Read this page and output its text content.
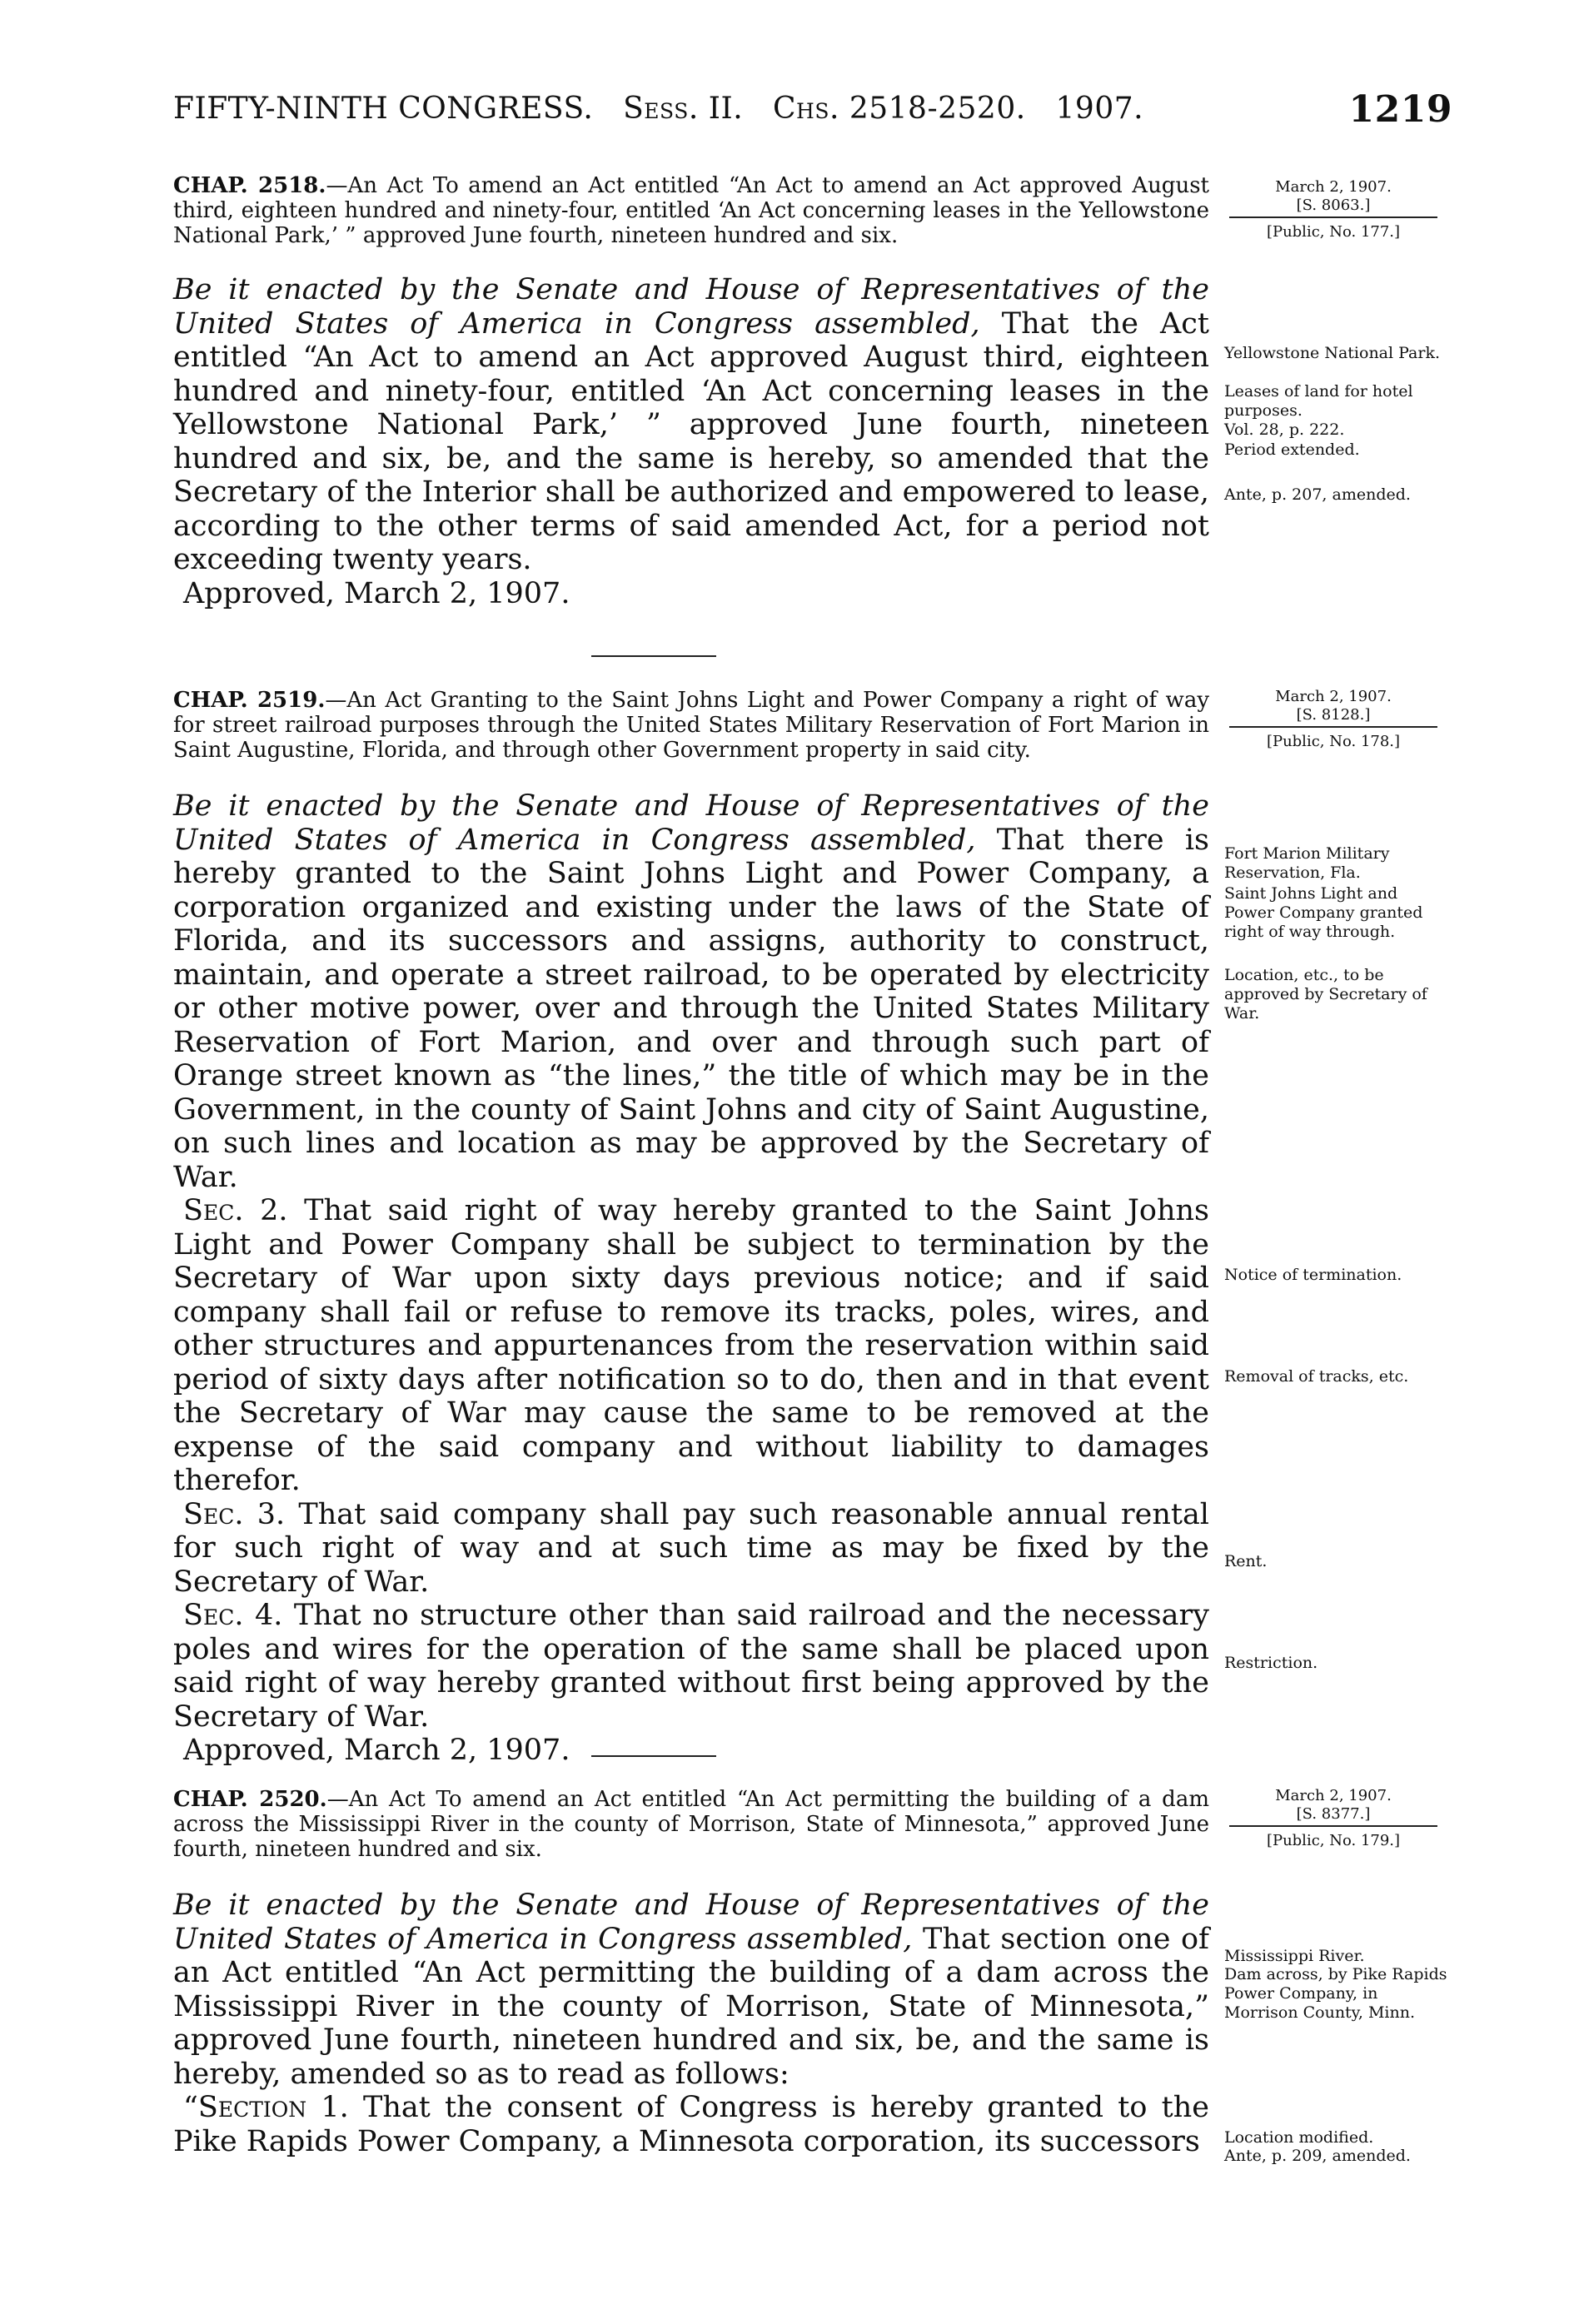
FIFTY-NINTH CONGRESS. Sess. II. Chs. 2518-2520. 1907.	1219

CHAP. 2518.—An Act To amend an Act entitled “An Act to amend an Act approved August third, eighteen hundred and ninety-four, entitled ‘An Act concerning leases in the Yellowstone National Park,’ ” approved June fourth, nineteen hundred and six.

Be it enacted by the Senate and House of Representatives of the United States of America in Congress assembled, That the Act entitled “An Act to amend an Act approved August third, eighteen hundred and ninety-four, entitled ‘An Act concerning leases in the Yellowstone National Park,’ ” approved June fourth, nineteen hundred and six, be, and the same is hereby, so amended that the Secretary of the Interior shall be authorized and empowered to lease, according to the other terms of said amended Act, for a period not exceeding twenty years.

Approved, March 2, 1907.

March 2, 1907.
[S. 8063.]
[Public, No. 177.]
Yellowstone National Park.
Leases of land for hotel purposes.
Vol. 28, p. 222.
Period extended.
Ante, p. 207, amended.

CHAP. 2519.—An Act Granting to the Saint Johns Light and Power Company a right of way for street railroad purposes through the United States Military Reservation of Fort Marion in Saint Augustine, Florida, and through other Government property in said city.

Be it enacted by the Senate and House of Representatives of the United States of America in Congress assembled, That there is hereby granted to the Saint Johns Light and Power Company, a corporation organized and existing under the laws of the State of Florida, and its successors and assigns, authority to construct, maintain, and operate a street railroad, to be operated by electricity or other motive power, over and through the United States Military Reservation of Fort Marion, and over and through such part of Orange street known as “the lines,” the title of which may be in the Government, in the county of Saint Johns and city of Saint Augustine, on such lines and location as may be approved by the Secretary of War.

Sec. 2. That said right of way hereby granted to the Saint Johns Light and Power Company shall be subject to termination by the Secretary of War upon sixty days previous notice; and if said company shall fail or refuse to remove its tracks, poles, wires, and other structures and appurtenances from the reservation within said period of sixty days after notification so to do, then and in that event the Secretary of War may cause the same to be removed at the expense of the said company and without liability to damages therefor.

Sec. 3. That said company shall pay such reasonable annual rental for such right of way and at such time as may be fixed by the Secretary of War.

Sec. 4. That no structure other than said railroad and the necessary poles and wires for the operation of the same shall be placed upon said right of way hereby granted without first being approved by the Secretary of War.

Approved, March 2, 1907.

March 2, 1907.
[S. 8128.]
[Public, No. 178.]
Fort Marion Military Reservation, Fla.
Saint Johns Light and Power Company granted right of way through.
Location, etc., to be approved by Secretary of War.
Notice of termination.
Removal of tracks, etc.
Rent.
Restriction.

CHAP. 2520.—An Act To amend an Act entitled “An Act permitting the building of a dam across the Mississippi River in the county of Morrison, State of Minnesota,” approved June fourth, nineteen hundred and six.

Be it enacted by the Senate and House of Representatives of the United States of America in Congress assembled, That section one of an Act entitled “An Act permitting the building of a dam across the Mississippi River in the county of Morrison, State of Minnesota,” approved June fourth, nineteen hundred and six, be, and the same is hereby, amended so as to read as follows:

“Section 1. That the consent of Congress is hereby granted to the Pike Rapids Power Company, a Minnesota corporation, its successors

March 2, 1907.
[S. 8377.]
[Public, No. 179.]
Mississippi River.
Dam across, by Pike Rapids Power Company, in Morrison County, Minn.
Location modified.
Ante, p. 209, amended.
